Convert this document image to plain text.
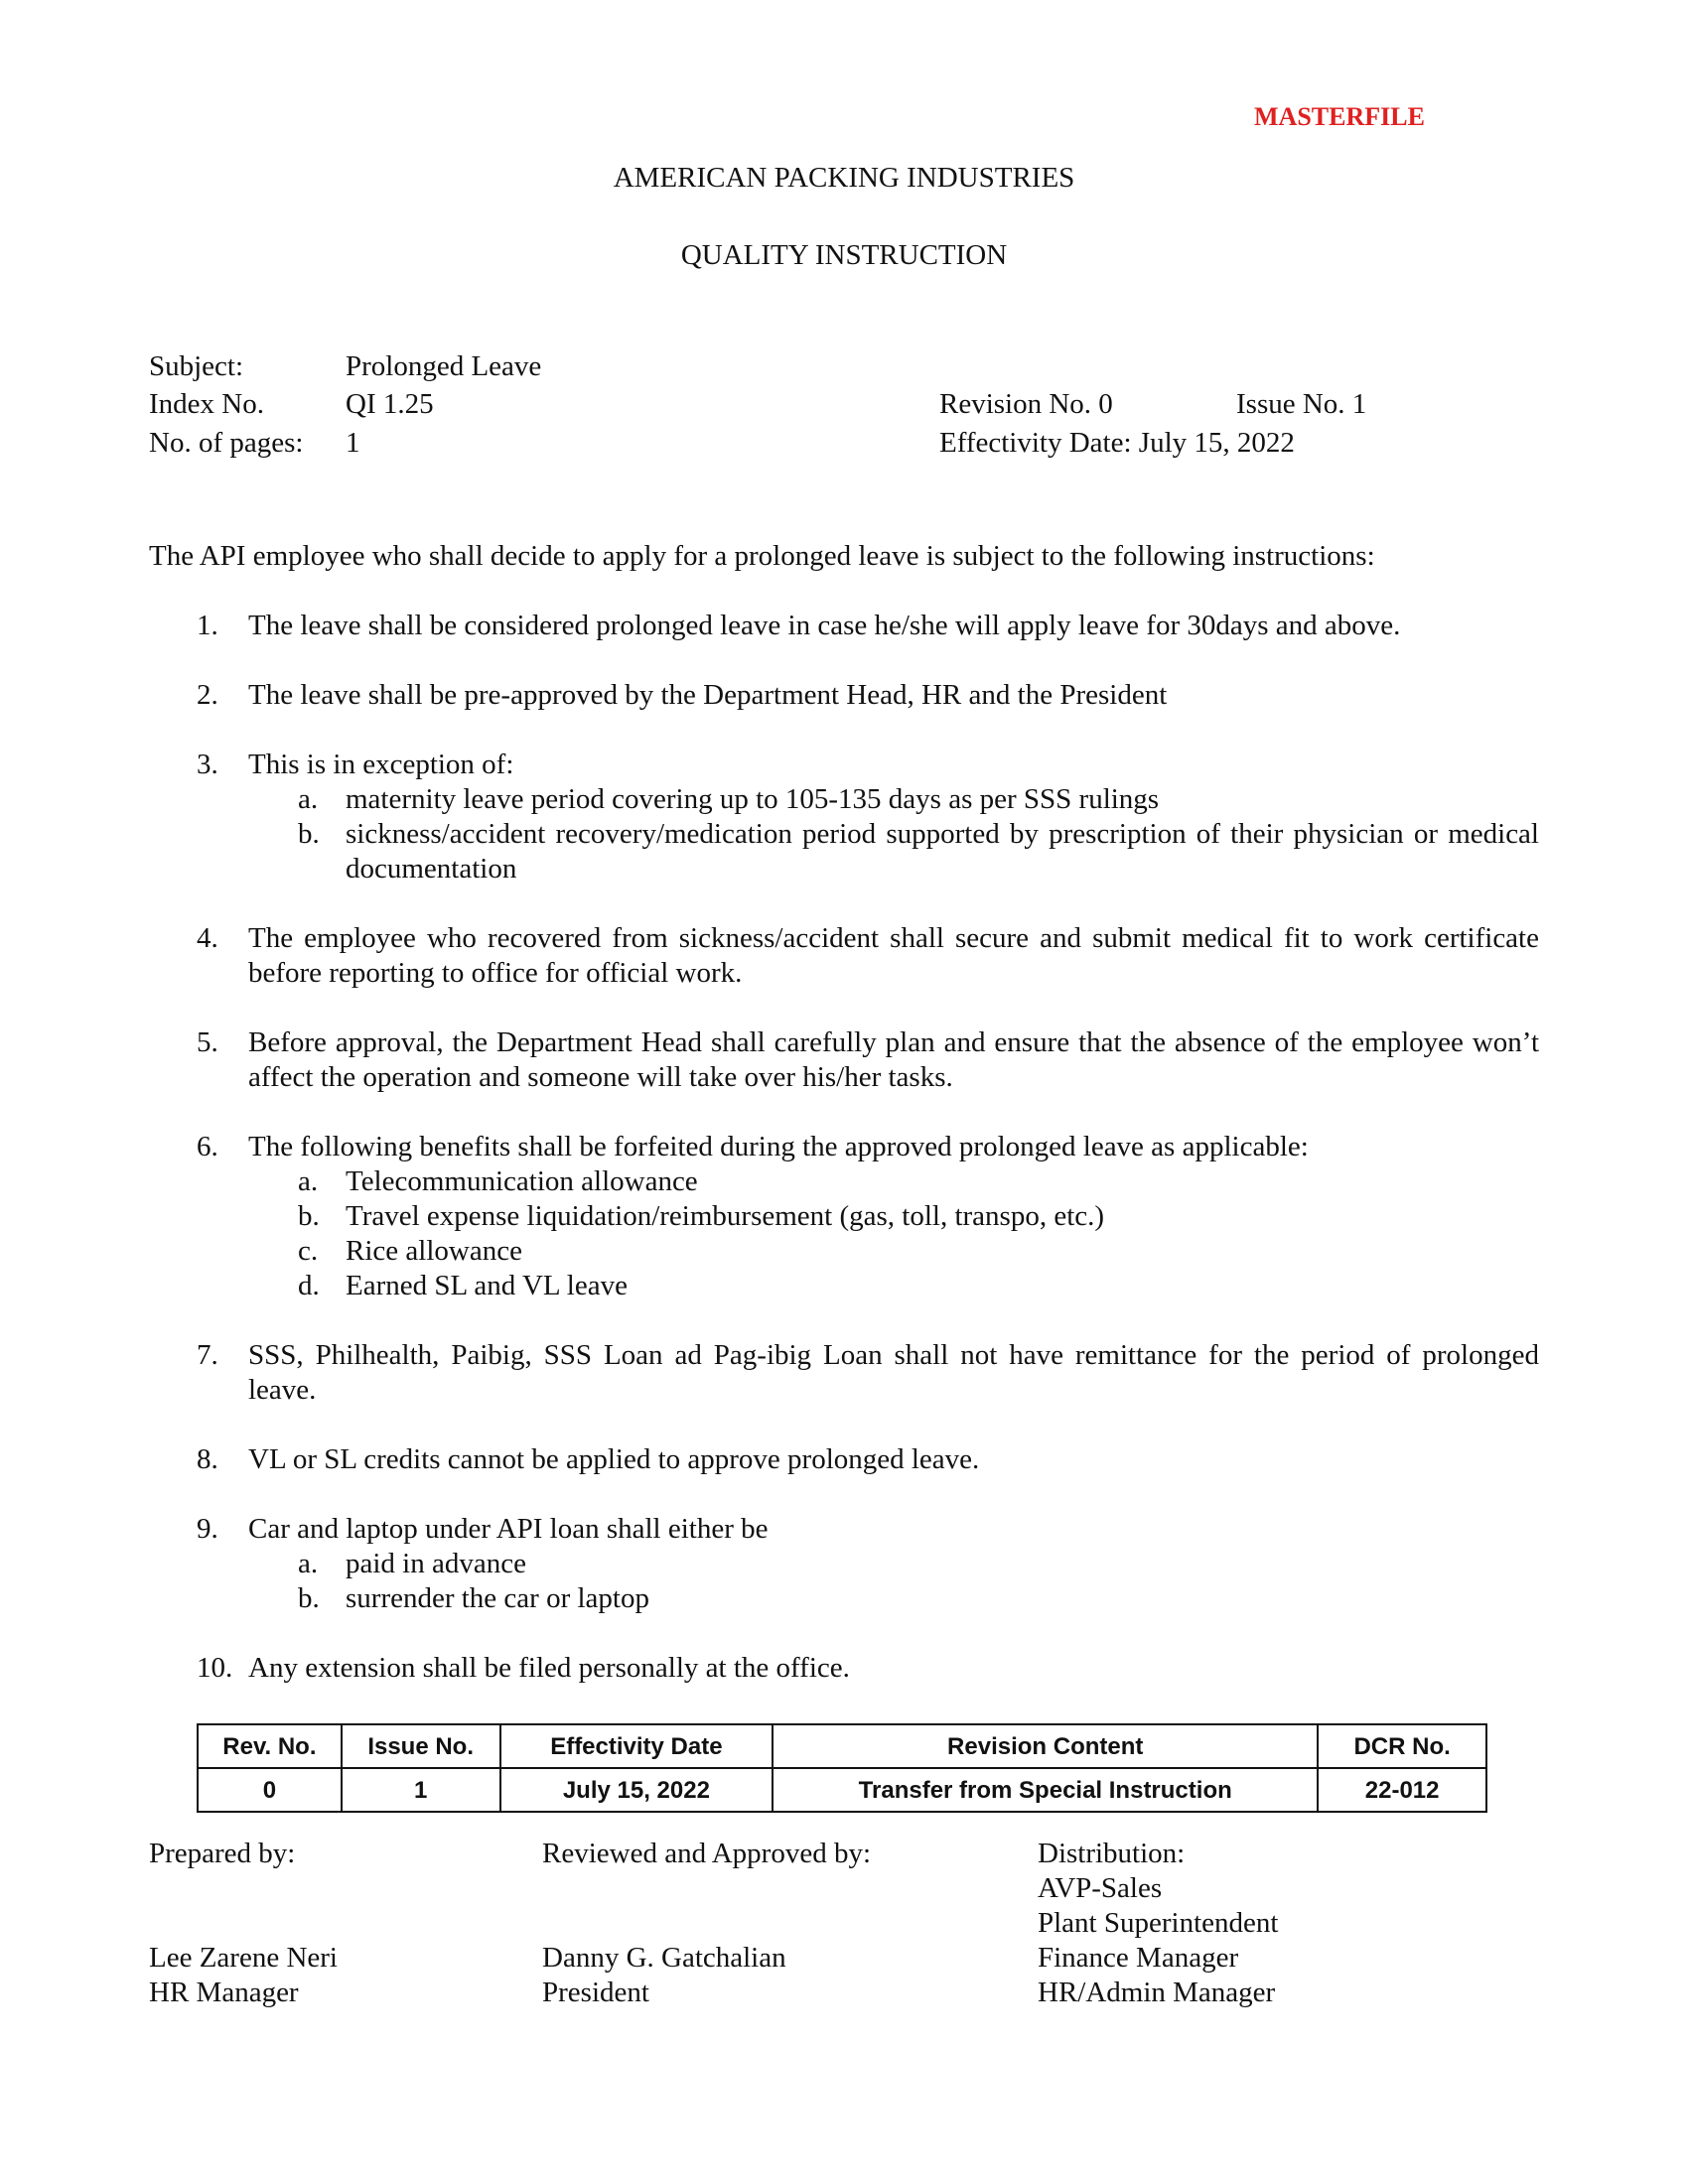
MASTERFILE
AMERICAN PACKING INDUSTRIES
QUALITY INSTRUCTION
Subject:	Prolonged Leave
Index No.	QI 1.25
No. of pages: 1
Revision No. 0	Issue No. 1
Effectivity Date: July 15, 2022
The API employee who shall decide to apply for a prolonged leave is subject to the following instructions:
1. The leave shall be considered prolonged leave in case he/she will apply leave for 30days and above.
2. The leave shall be pre-approved by the Department Head, HR and the President
3. This is in exception of:
a. maternity leave period covering up to 105-135 days as per SSS rulings
b. sickness/accident recovery/medication period supported by prescription of their physician or medical documentation
4. The employee who recovered from sickness/accident shall secure and submit medical fit to work certificate before reporting to office for official work.
5. Before approval, the Department Head shall carefully plan and ensure that the absence of the employee won’t affect the operation and someone will take over his/her tasks.
6. The following benefits shall be forfeited during the approved prolonged leave as applicable:
a. Telecommunication allowance
b. Travel expense liquidation/reimbursement (gas, toll, transpo, etc.)
c. Rice allowance
d. Earned SL and VL leave
7. SSS, Philhealth, Paibig, SSS Loan ad Pag-ibig Loan shall not have remittance for the period of prolonged leave.
8. VL or SL credits cannot be applied to approve prolonged leave.
9. Car and laptop under API loan shall either be
a. paid in advance
b. surrender the car or laptop
10. Any extension shall be filed personally at the office.
Rev. No.	Issue No.	Effectivity Date	Revision Content	DCR No.
0	1	July 15, 2022	Transfer from Special Instruction	22-012
Prepared by:
Lee Zarene Neri
HR Manager
Reviewed and Approved by:
Danny G. Gatchalian
President
Distribution:
AVP-Sales
Plant Superintendent
Finance Manager
HR/Admin Manager
